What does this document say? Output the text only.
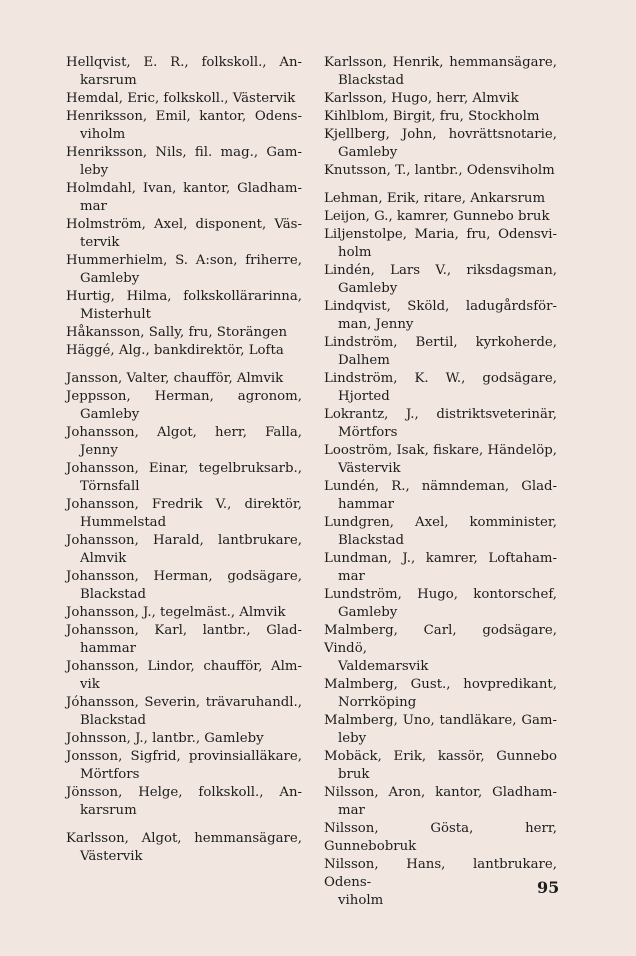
Hellqvist, E. R., folkskoll., An-
karsrum
Hemdal, Eric, folkskoll., Västervik
Henriksson, Emil, kantor, Odens-
viholm
Henriksson, Nils, fil. mag., Gam-
leby
Holmdahl, Ivan, kantor, Gladham-
mar
Holmström, Axel, disponent, Väs-
tervik
Hummerhielm, S. A:son, friherre,
Gamleby
Hurtig, Hilma, folkskollärarinna,
Misterhult
Håkansson, Sally, fru, Storängen
Häggé, Alg., bankdirektör, Lofta
Jansson, Valter, chaufför, Almvik
Jeppsson, Herman, agronom,
Gamleby
Johansson, Algot, herr, Falla,
Jenny
Johansson, Einar, tegelbruksarb.,
Törnsfall
Johansson, Fredrik V., direktör,
Hummelstad
Johansson, Harald, lantbrukare,
Almvik
Johansson, Herman, godsägare,
Blackstad
Johansson, J., tegelmäst., Almvik
Johansson, Karl, lantbr., Glad-
hammar
Johansson, Lindor, chaufför, Alm-
vik
Jóhansson, Severin, trävaruhandl.,
Blackstad
Johnsson, J., lantbr., Gamleby
Jonsson, Sigfrid, provinsialläkare,
Mörtfors
Jönsson, Helge, folkskoll., An-
karsrum
Karlsson, Algot, hemmansägare,
Västervik
Karlsson, Henrik, hemmansägare,
Blackstad
Karlsson, Hugo, herr, Almvik
Kihlblom, Birgit, fru, Stockholm
Kjellberg, John, hovrättsnotarie,
Gamleby
Knutsson, T., lantbr., Odensviholm
Lehman, Erik, ritare, Ankarsrum
Leijon, G., kamrer, Gunnebo bruk
Liljenstolpe, Maria, fru, Odensvi-
holm
Lindén, Lars V., riksdagsman,
Gamleby
Lindqvist, Sköld, ladugårdsför-
man, Jenny
Lindström, Bertil, kyrkoherde,
Dalhem
Lindström, K. W., godsägare,
Hjorted
Lokrantz, J., distriktsveterinär,
Mörtfors
Looström, Isak, fiskare, Händelöp,
Västervik
Lundén, R., nämndeman, Glad-
hammar
Lundgren, Axel, komminister,
Blackstad
Lundman, J., kamrer, Loftaham-
mar
Lundström, Hugo, kontorschef,
Gamleby
Malmberg, Carl, godsägare, Vindö,
Valdemarsvik
Malmberg, Gust., hovpredikant,
Norrköping
Malmberg, Uno, tandläkare, Gam-
leby
Mobäck, Erik, kassör, Gunnebo
bruk
Nilsson, Aron, kantor, Gladham-
mar
Nilsson, Gösta, herr, Gunnebobruk
Nilsson, Hans, lantbrukare, Odens-
viholm
95
